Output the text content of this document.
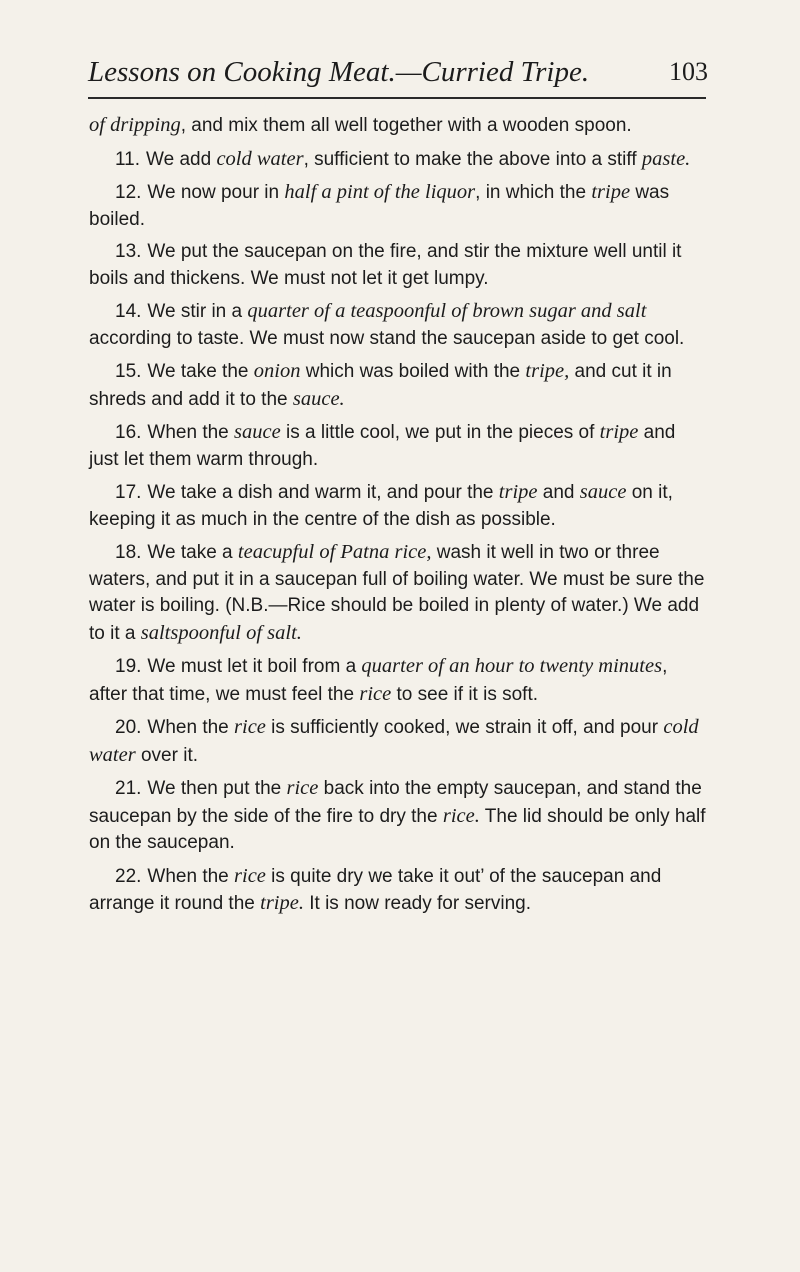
Lessons on Cooking Meat.—Curried Tripe.	103

of dripping, and mix them all well together with a wooden spoon.

11. We add cold water, sufficient to make the above into a stiff paste.

12. We now pour in half a pint of the liquor, in which the tripe was boiled.

13. We put the saucepan on the fire, and stir the mixture well until it boils and thickens. We must not let it get lumpy.

14. We stir in a quarter of a teaspoonful of brown sugar and salt according to taste. We must now stand the saucepan aside to get cool.

15. We take the onion which was boiled with the tripe, and cut it in shreds and add it to the sauce.

16. When the sauce is a little cool, we put in the pieces of tripe and just let them warm through.

17. We take a dish and warm it, and pour the tripe and sauce on it, keeping it as much in the centre of the dish as possible.

18. We take a teacupful of Patna rice, wash it well in two or three waters, and put it in a saucepan full of boiling water. We must be sure the water is boiling. (N.B.—Rice should be boiled in plenty of water.) We add to it a saltspoonful of salt.

19. We must let it boil from a quarter of an hour to twenty minutes, after that time, we must feel the rice to see if it is soft.

20. When the rice is sufficiently cooked, we strain it off, and pour cold water over it.

21. We then put the rice back into the empty saucepan, and stand the saucepan by the side of the fire to dry the rice. The lid should be only half on the saucepan.

22. When the rice is quite dry we take it out’ of the saucepan and arrange it round the tripe. It is now ready for serving.
